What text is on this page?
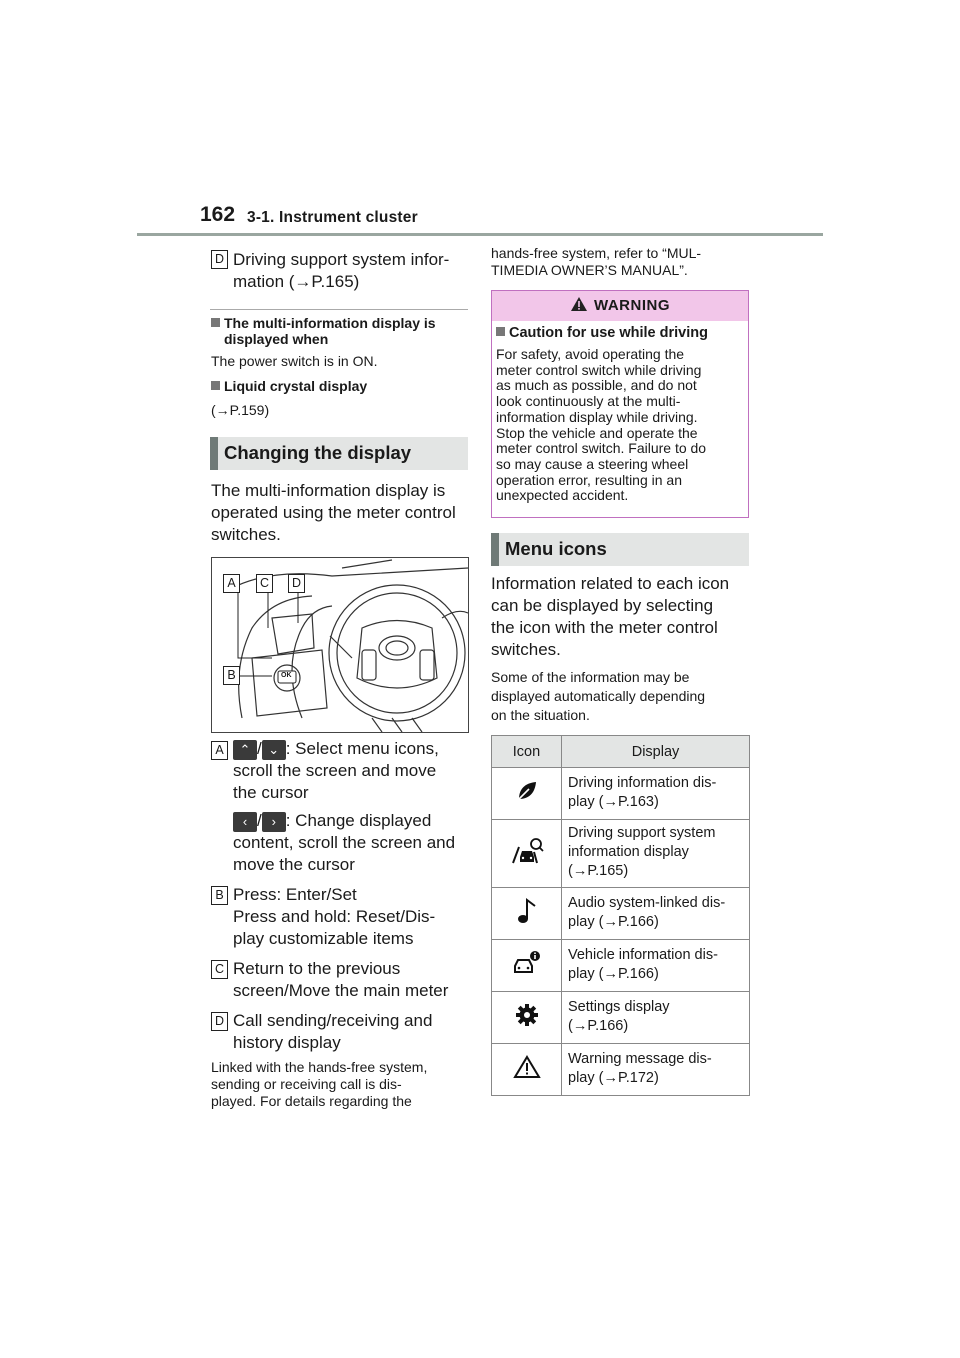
162 3-1. Instrument cluster
D Driving support system infor-
mation (→P.165)
The multi-information display is
displayed when
The power switch is in ON.
Liquid crystal display
(→P.159)
Changing the display
The multi-information display is
operated using the meter control
switches.
A	C	D
B	OK
A	⌃ / ⌄ : Select menu icons,
scroll the screen and move
the cursor
‹ / › : Change displayed
content, scroll the screen and
move the cursor
B Press: Enter/Set
Press and hold: Reset/Dis-
play customizable items
C Return to the previous
screen/Move the main meter
D Call sending/receiving and
history display
Linked with the hands-free system,
sending or receiving call is dis-
played. For details regarding the
hands-free system, refer to “MUL-
TIMEDIA OWNER’S MANUAL”.
WARNING
Caution for use while driving
For safety, avoid operating the
meter control switch while driving
as much as possible, and do not
look continuously at the multi-
information display while driving.
Stop the vehicle and operate the
meter control switch. Failure to do
so may cause a steering wheel
operation error, resulting in an
unexpected accident.
Menu icons
Information related to each icon
can be displayed by selecting
the icon with the meter control
switches.
Some of the information may be
displayed automatically depending
on the situation.
Icon	Display

Driving information dis-
play (→P.163)

Driving support system
information display
(→P.165)

Audio system-linked dis-
play (→P.166)

Vehicle information dis-
play (→P.166)

Settings display
(→P.166)

Warning message dis-
play (→P.172)
